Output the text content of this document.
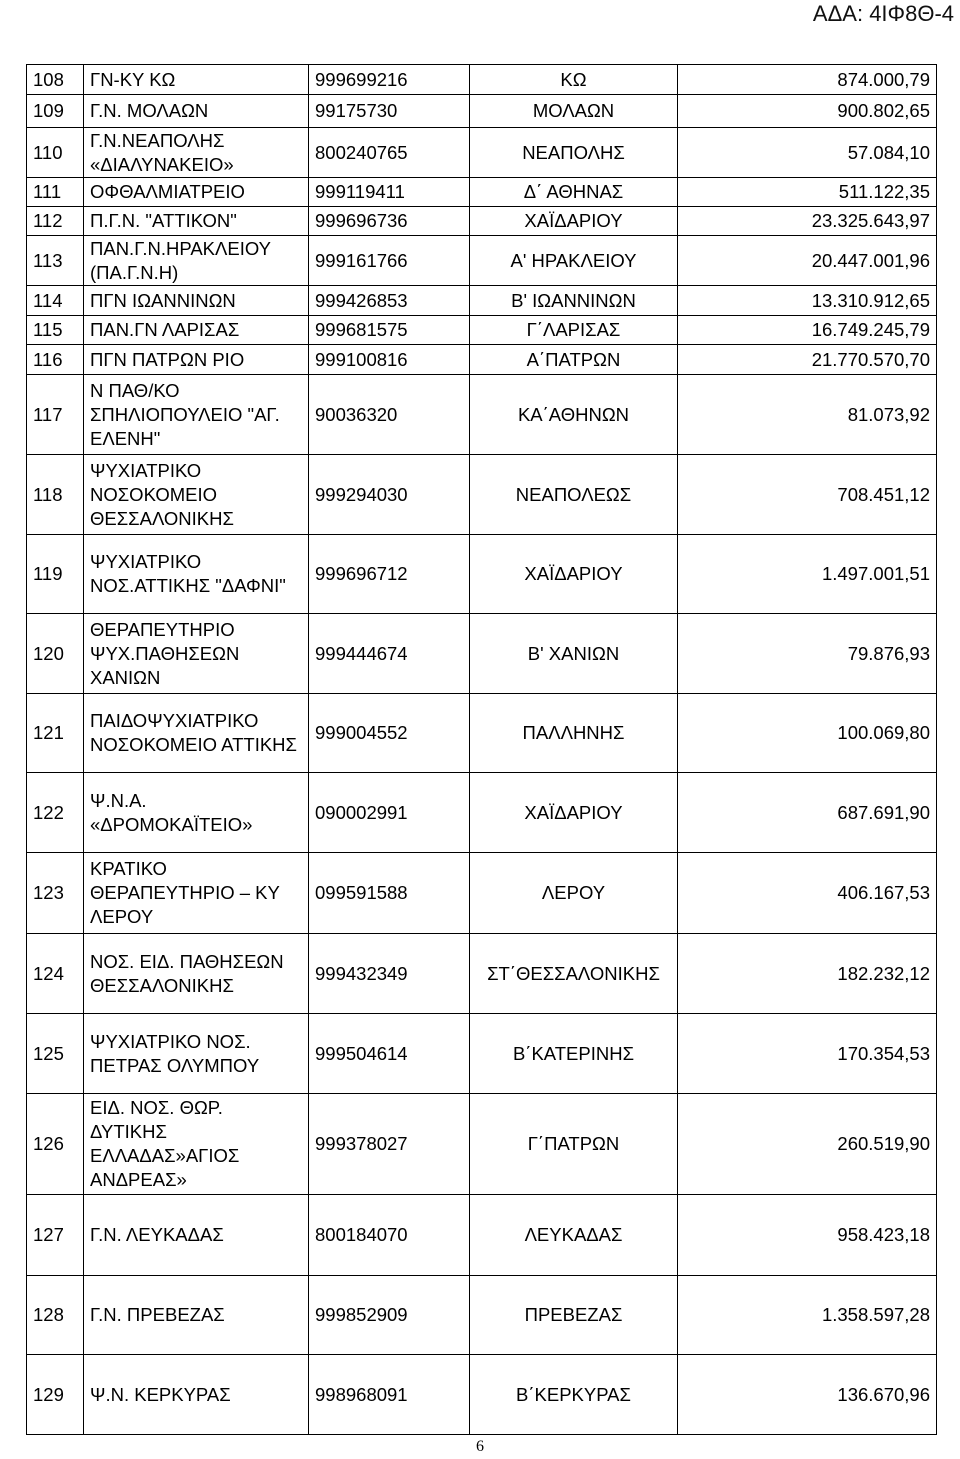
ΑΔΑ: 4ΙΦ8Θ-4
108	ΓΝ-ΚΥ ΚΩ	999699216	ΚΩ	874.000,79
109	Γ.Ν. ΜΟΛΑΩΝ	99175730	ΜΟΛΑΩΝ	900.802,65
110	Γ.Ν.ΝΕΑΠΟΛΗΣ «ΔΙΑΛΥΝΑΚΕΙΟ»	800240765	ΝΕΑΠΟΛΗΣ	57.084,10
111	ΟΦΘΑΛΜΙΑΤΡΕΙΟ	999119411	Δ΄ ΑΘΗΝΑΣ	511.122,35
112	Π.Γ.Ν. "ΑΤΤΙΚΟΝ"	999696736	ΧΑΪΔΑΡΙΟΥ	23.325.643,97
113	ΠΑΝ.Γ.Ν.ΗΡΑΚΛΕΙΟΥ (ΠΑ.Γ.Ν.Η)	999161766	Α' ΗΡΑΚΛΕΙΟΥ	20.447.001,96
114	ΠΓΝ ΙΩΑΝΝΙΝΩΝ	999426853	Β' ΙΩΑΝΝΙΝΩΝ	13.310.912,65
115	ΠΑΝ.ΓΝ ΛΑΡΙΣΑΣ	999681575	Γ΄ΛΑΡΙΣΑΣ	16.749.245,79
116	ΠΓΝ ΠΑΤΡΩΝ ΡΙΟ	999100816	Α΄ΠΑΤΡΩΝ	21.770.570,70
117	Ν ΠΑΘ/ΚΟ ΣΠΗΛΙΟΠΟΥΛΕΙΟ "ΑΓ. ΕΛΕΝΗ"	90036320	ΚΑ΄ΑΘΗΝΩΝ	81.073,92
118	ΨΥΧΙΑΤΡΙΚΟ ΝΟΣΟΚΟΜΕΙΟ ΘΕΣΣΑΛΟΝΙΚΗΣ	999294030	ΝΕΑΠΟΛΕΩΣ	708.451,12
119	ΨΥΧΙΑΤΡΙΚΟ ΝΟΣ.ΑΤΤΙΚΗΣ "ΔΑΦΝΙ"	999696712	ΧΑΪΔΑΡΙΟΥ	1.497.001,51
120	ΘΕΡΑΠΕΥΤΗΡΙΟ ΨΥΧ.ΠΑΘΗΣΕΩΝ ΧΑΝΙΩΝ	999444674	Β' ΧΑΝΙΩΝ	79.876,93
121	ΠΑΙΔΟΨΥΧΙΑΤΡΙΚΟ ΝΟΣΟΚΟΜΕΙΟ ΑΤΤΙΚΗΣ	999004552	ΠΑΛΛΗΝΗΣ	100.069,80
122	Ψ.Ν.Α. «ΔΡΟΜΟΚΑΪΤΕΙΟ»	090002991	ΧΑΪΔΑΡΙΟΥ	687.691,90
123	ΚΡΑΤΙΚΟ ΘΕΡΑΠΕΥΤΗΡΙΟ – ΚΥ ΛΕΡΟΥ	099591588	ΛΕΡΟΥ	406.167,53
124	ΝΟΣ. ΕΙΔ. ΠΑΘΗΣΕΩΝ ΘΕΣΣΑΛΟΝΙΚΗΣ	999432349	ΣΤ΄ΘΕΣΣΑΛΟΝΙΚΗΣ	182.232,12
125	ΨΥΧΙΑΤΡΙΚΟ ΝΟΣ. ΠΕΤΡΑΣ ΟΛΥΜΠΟΥ	999504614	Β΄ΚΑΤΕΡΙΝΗΣ	170.354,53
126	ΕΙΔ. ΝΟΣ. ΘΩΡ. ΔΥΤΙΚΗΣ ΕΛΛΑΔΑΣ»ΑΓΙΟΣ ΑΝΔΡΕΑΣ»	999378027	Γ΄ΠΑΤΡΩΝ	260.519,90
127	Γ.Ν. ΛΕΥΚΑΔΑΣ	800184070	ΛΕΥΚΑΔΑΣ	958.423,18
128	Γ.Ν. ΠΡΕΒΕΖΑΣ	999852909	ΠΡΕΒΕΖΑΣ	1.358.597,28
129	Ψ.Ν. ΚΕΡΚΥΡΑΣ	998968091	Β΄ΚΕΡΚΥΡΑΣ	136.670,96
6
